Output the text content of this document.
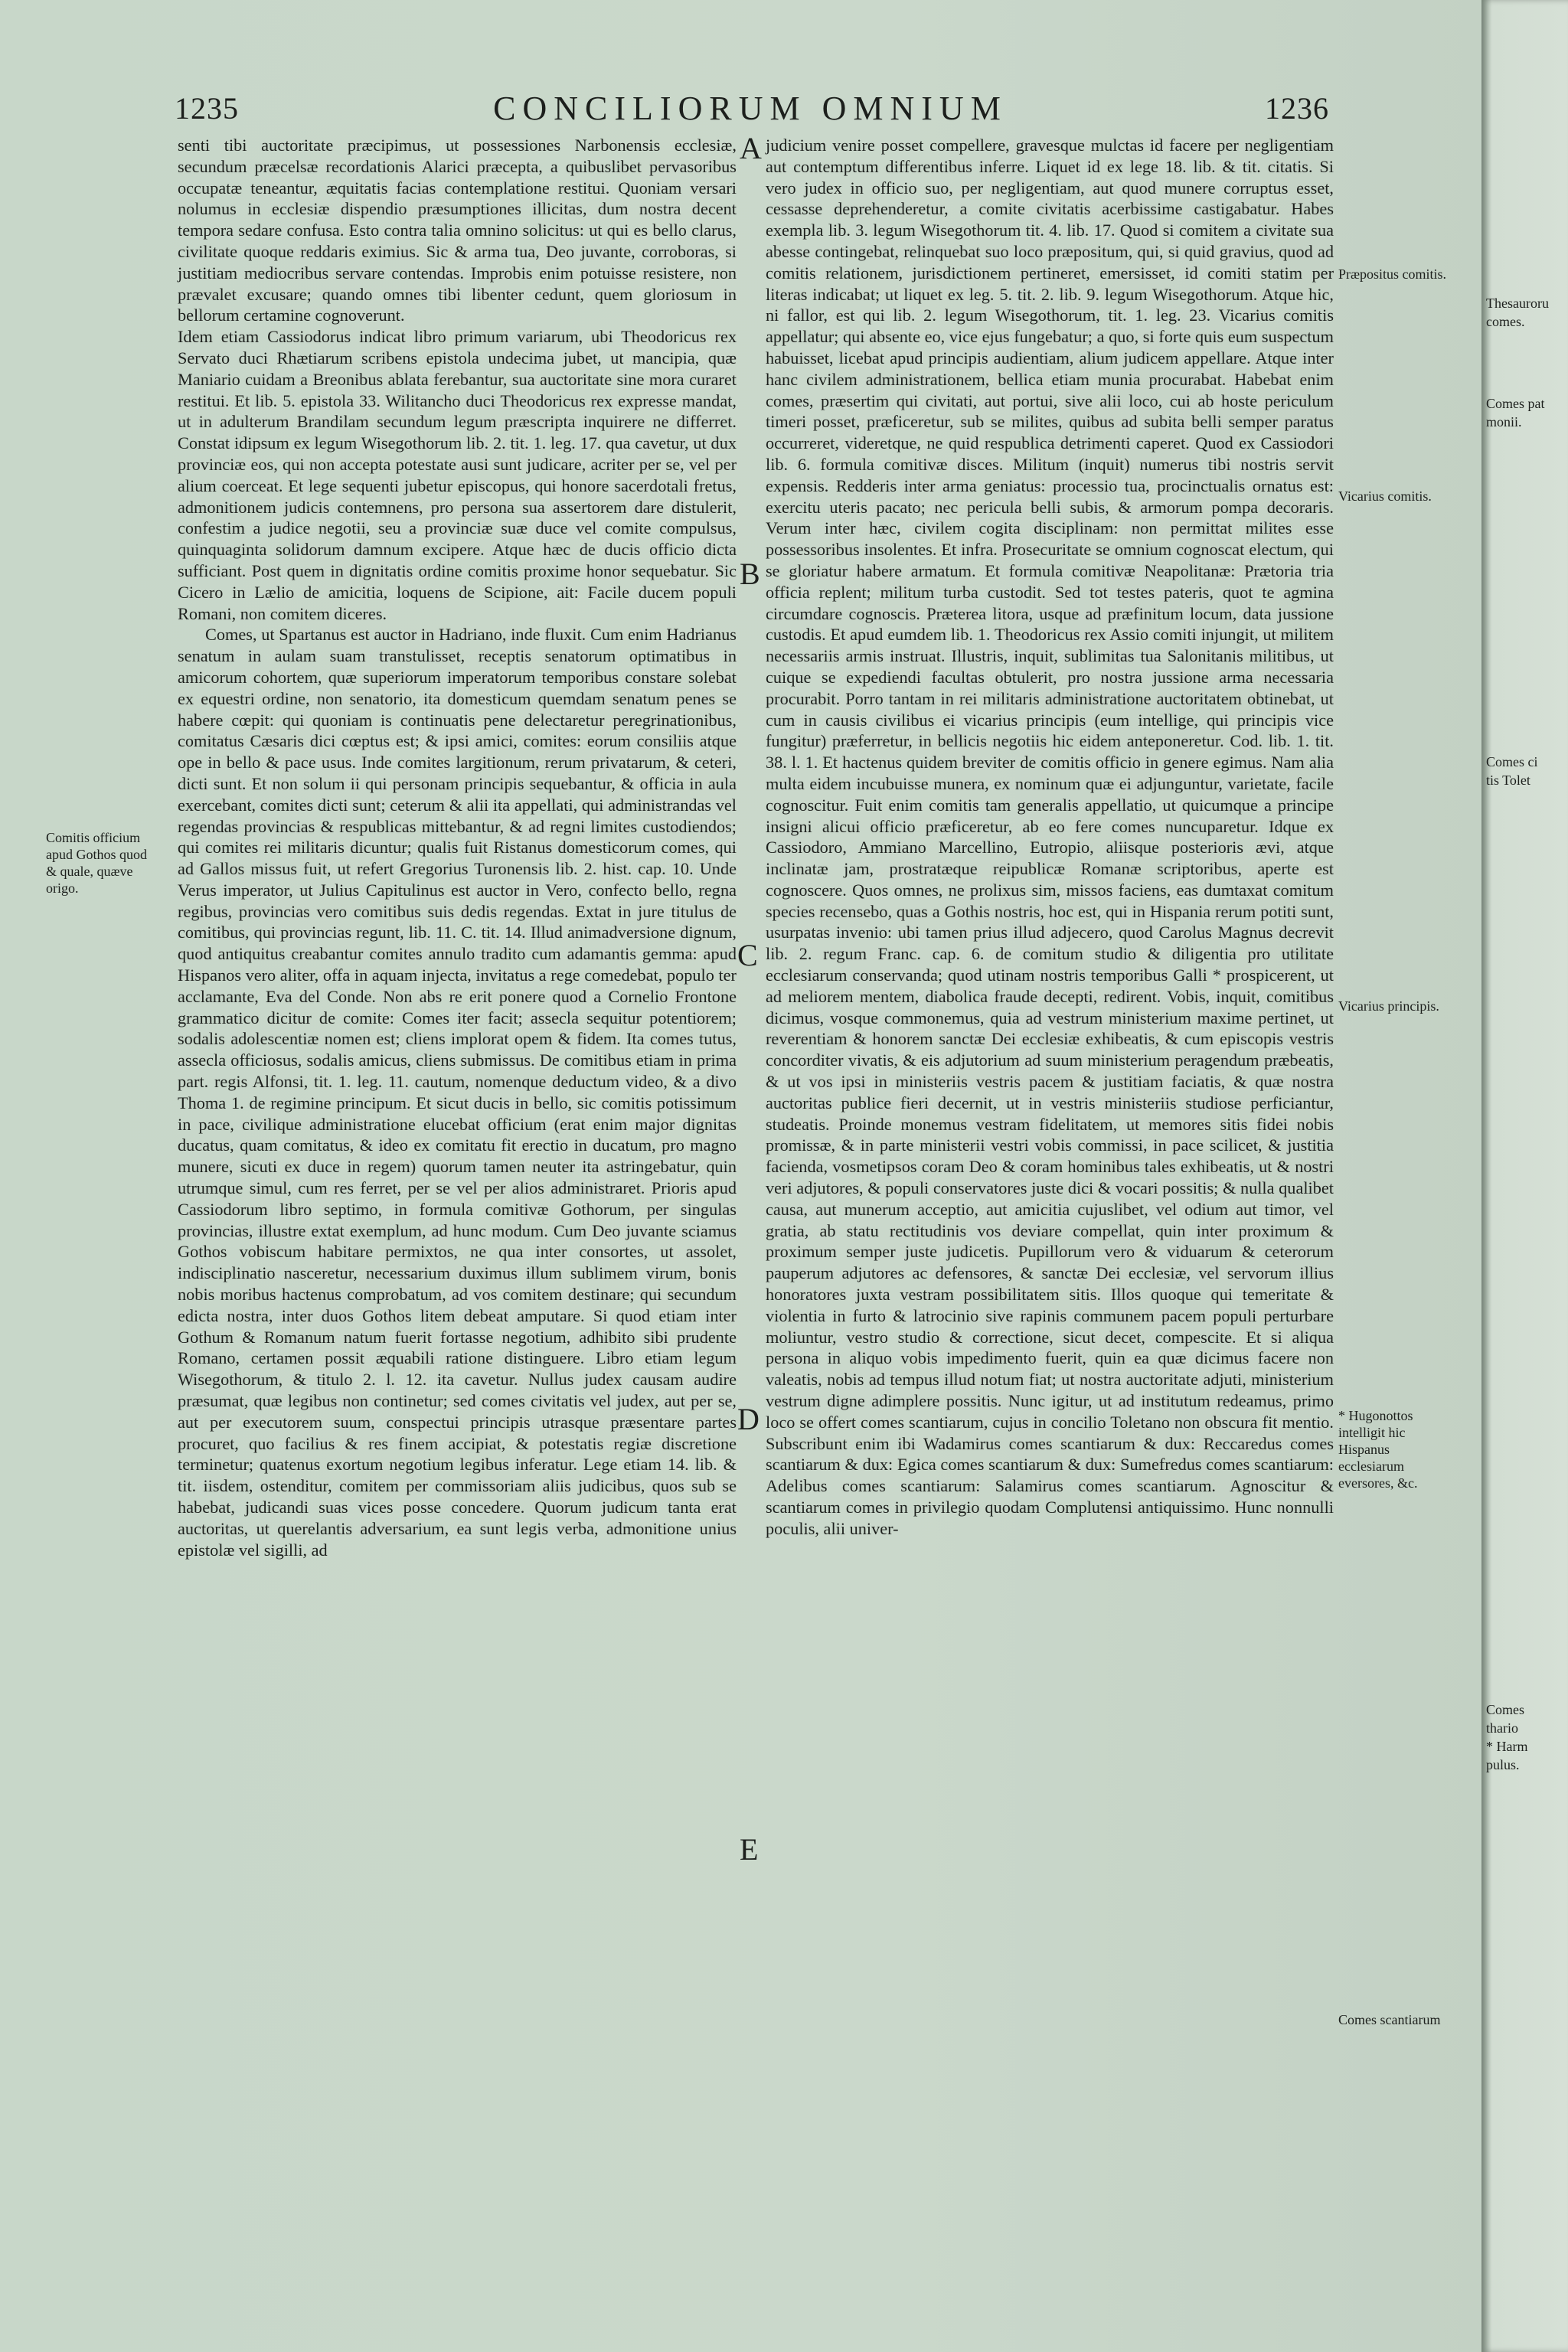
1235	CONCILIORUM OMNIUM	1236
Comitis officium apud Gothos quod & quale, quæve origo.

senti tibi auctoritate præcipimus, ut possessiones Narbonensis ecclesiæ, secundum præcelsæ recordationis Alarici præcepta, a quibuslibet pervasoribus occupatæ teneantur, æquitatis facias contemplatione restitui. Quoniam versari nolumus in ecclesiæ dispendio præsumptiones illicitas, dum nostra decent tempora sedare confusa. Esto contra talia omnino solicitus: ut qui es bello clarus, civilitate quoque reddaris eximius. Sic & arma tua, Deo juvante, corroboras, si justitiam mediocribus servare contendas. Improbis enim potuisse resistere, non prævalet excusare; quando omnes tibi libenter cedunt, quem gloriosum in bellorum certamine cognoverunt.

Idem etiam Cassiodorus indicat libro primum variarum, ubi Theodoricus rex Servato duci Rhætiarum scribens epistola undecima jubet, ut mancipia, quæ Maniario cuidam a Breonibus ablata ferebantur, sua auctoritate sine mora curaret restitui. Et lib. 5. epistola 33. Wilitancho duci Theodoricus rex expresse mandat, ut in adulterum Brandilam secundum legum præscripta inquirere ne differret. Constat idipsum ex legum Wisegothorum lib. 2. tit. 1. leg. 17. qua cavetur, ut dux provinciæ eos, qui non accepta potestate ausi sunt judicare, acriter per se, vel per alium coerceat. Et lege sequenti jubetur episcopus, qui honore sacerdotali fretus, admonitionem judicis contemnens, pro persona sua assertorem dare distulerit, confestim a judice negotii, seu a provinciæ suæ duce vel comite compulsus, quinquaginta solidorum damnum excipere. Atque hæc de ducis officio dicta sufficiant. Post quem in dignitatis ordine comitis proxime honor sequebatur. Sic Cicero in Lælio de amicitia, loquens de Scipione, ait: Facile ducem populi Romani, non comitem diceres.

Comes, ut Spartanus est auctor in Hadriano, inde fluxit. Cum enim Hadrianus senatum in aulam suam transtulisset, receptis senatorum optimatibus in amicorum cohortem, quæ superiorum imperatorum temporibus constare solebat ex equestri ordine, non senatorio, ita domesticum quemdam senatum penes se habere cœpit: qui quoniam is continuatis pene delectaretur peregrinationibus, comitatus Cæsaris dici cœptus est; & ipsi amici, comites: eorum consiliis atque ope in bello & pace usus. Inde comites largitionum, rerum privatarum, & ceteri, dicti sunt. Et non solum ii qui personam principis sequebantur, & officia in aula exercebant, comites dicti sunt; ceterum & alii ita appellati, qui administrandas vel regendas provincias & respublicas mittebantur, & ad regni limites custodiendos; qui comites rei militaris dicuntur; qualis fuit Ristanus domesticorum comes, qui ad Gallos missus fuit, ut refert Gregorius Turonensis lib. 2. hist. cap. 10. Unde Verus imperator, ut Julius Capitulinus est auctor in Vero, confecto bello, regna regibus, provincias vero comitibus suis dedis regendas. Extat in jure titulus de comitibus, qui provincias regunt, lib. 11. C. tit. 14. Illud animadversione dignum, quod antiquitus creabantur comites annulo tradito cum adamantis gemma: apud Hispanos vero aliter, offa in aquam injecta, invitatus a rege comedebat, populo ter acclamante, Eva del Conde. Non abs re erit ponere quod a Cornelio Frontone grammatico dicitur de comite: Comes iter facit; assecla sequitur potentiorem; sodalis adolescentiæ nomen est; cliens implorat opem & fidem. Ita comes tutus, assecla officiosus, sodalis amicus, cliens submissus. De comitibus etiam in prima part. regis Alfonsi, tit. 1. leg. 11. cautum, nomenque deductum video, & a divo Thoma 1. de regimine principum. Et sicut ducis in bello, sic comitis potissimum in pace, civilique administratione elucebat officium (erat enim major dignitas ducatus, quam comitatus, & ideo ex comitatu fit erectio in ducatum, pro magno munere, sicuti ex duce in regem) quorum tamen neuter ita astringebatur, quin utrumque simul, cum res ferret, per se vel per alios administraret. Prioris apud Cassiodorum libro septimo, in formula comitivæ Gothorum, per singulas provincias, illustre extat exemplum, ad hunc modum. Cum Deo juvante sciamus Gothos vobiscum habitare permixtos, ne qua inter consortes, ut assolet, indisciplinatio nasceretur, necessarium duximus illum sublimem virum, bonis nobis moribus hactenus comprobatum, ad vos comitem destinare; qui secundum edicta nostra, inter duos Gothos litem debeat amputare. Si quod etiam inter Gothum & Romanum natum fuerit fortasse negotium, adhibito sibi prudente Romano, certamen possit æquabili ratione distinguere. Libro etiam legum Wisegothorum, & titulo 2. l. 12. ita cavetur. Nullus judex causam audire præsumat, quæ legibus non continetur; sed comes civitatis vel judex, aut per se, aut per executorem suum, conspectui principis utrasque præsentare partes procuret, quo facilius & res finem accipiat, & potestatis regiæ discretione terminetur; quatenus exortum negotium legibus inferatur. Lege etiam 14. lib. & tit. iisdem, ostenditur, comitem per commissoriam aliis judicibus, quos sub se habebat, judicandi suas vices posse concedere. Quorum judicum tanta erat auctoritas, ut querelantis adversarium, ea sunt legis verba, admonitione unius epistolæ vel sigilli, ad

A
B
C
D
E

judicium venire posset compellere, gravesque mulctas id facere per negligentiam aut contemptum differentibus inferre. Liquet id ex lege 18. lib. & tit. citatis. Si vero judex in officio suo, per negligentiam, aut quod munere corruptus esset, cessasse deprehenderetur, a comite civitatis acerbissime castigabatur. Habes exempla lib. 3. legum Wisegothorum tit. 4. lib. 17. Quod si comitem a civitate sua abesse contingebat, relinquebat suo loco præpositum, qui, si quid gravius, quod ad comitis relationem, jurisdictionem pertineret, emersisset, id comiti statim per literas indicabat; ut liquet ex leg. 5. tit. 2. lib. 9. legum Wisegothorum. Atque hic, ni fallor, est qui lib. 2. legum Wisegothorum, tit. 1. leg. 23. Vicarius comitis appellatur; qui absente eo, vice ejus fungebatur; a quo, si forte quis eum suspectum habuisset, licebat apud principis audientiam, alium judicem appellare. Atque inter hanc civilem administrationem, bellica etiam munia procurabat. Habebat enim comes, præsertim qui civitati, aut portui, sive alii loco, cui ab hoste periculum timeri posset, præficeretur, sub se milites, quibus ad subita belli semper paratus occurreret, videretque, ne quid respublica detrimenti caperet. Quod ex Cassiodori lib. 6. formula comitivæ disces. Militum (inquit) numerus tibi nostris servit expensis. Redderis inter arma geniatus: processio tua, procinctualis ornatus est: exercitu uteris pacato; nec pericula belli subis, & armorum pompa decoraris. Verum inter hæc, civilem cogita disciplinam: non permittat milites esse possessoribus insolentes. Et infra. Prosecuritate se omnium cognoscat electum, qui se gloriatur habere armatum. Et formula comitivæ Neapolitanæ: Prætoria tria officia replent; militum turba custodit. Sed tot testes pateris, quot te agmina circumdare cognoscis. Præterea litora, usque ad præfinitum locum, data jussione custodis. Et apud eumdem lib. 1. Theodoricus rex Assio comiti injungit, ut militem necessariis armis instruat. Illustris, inquit, sublimitas tua Salonitanis militibus, ut cuique se expediendi facultas obtulerit, pro nostra jussione arma necessaria procurabit. Porro tantam in rei militaris administratione auctoritatem obtinebat, ut cum in causis civilibus ei vicarius principis (eum intellige, qui principis vice fungitur) præferretur, in bellicis negotiis hic eidem anteponeretur. Cod. lib. 1. tit. 38. l. 1. Et hactenus quidem breviter de comitis officio in genere egimus. Nam alia multa eidem incubuisse munera, ex nominum quæ ei adjunguntur, varietate, facile cognoscitur. Fuit enim comitis tam generalis appellatio, ut quicumque a principe insigni alicui officio præficeretur, ab eo fere comes nuncuparetur. Idque ex Cassiodoro, Ammiano Marcellino, Eutropio, aliisque posterioris ævi, atque inclinatæ jam, prostratæque reipublicæ Romanæ scriptoribus, aperte est cognoscere. Quos omnes, ne prolixus sim, missos faciens, eas dumtaxat comitum species recensebo, quas a Gothis nostris, hoc est, qui in Hispania rerum potiti sunt, usurpatas invenio: ubi tamen prius illud adjecero, quod Carolus Magnus decrevit lib. 2. regum Franc. cap. 6. de comitum studio & diligentia pro utilitate ecclesiarum conservanda; quod utinam nostris temporibus Galli * prospicerent, ut ad meliorem mentem, diabolica fraude decepti, redirent. Vobis, inquit, comitibus dicimus, vosque commonemus, quia ad vestrum ministerium maxime pertinet, ut reverentiam & honorem sanctæ Dei ecclesiæ exhibeatis, & cum episcopis vestris concorditer vivatis, & eis adjutorium ad suum ministerium peragendum præbeatis, & ut vos ipsi in ministeriis vestris pacem & justitiam faciatis, & quæ nostra auctoritas publice fieri decernit, ut in vestris ministeriis studiose perficiantur, studeatis. Proinde monemus vestram fidelitatem, ut memores sitis fidei nobis promissæ, & in parte ministerii vestri vobis commissi, in pace scilicet, & justitia facienda, vosmetipsos coram Deo & coram hominibus tales exhibeatis, ut & nostri veri adjutores, & populi conservatores juste dici & vocari possitis; & nulla qualibet causa, aut munerum acceptio, aut amicitia cujuslibet, vel odium aut timor, vel gratia, ab statu rectitudinis vos deviare compellat, quin inter proximum & proximum semper juste judicetis. Pupillorum vero & viduarum & ceterorum pauperum adjutores ac defensores, & sanctæ Dei ecclesiæ, vel servorum illius honoratores juxta vestram possibilitatem sitis. Illos quoque qui temeritate & violentia in furto & latrocinio sive rapinis communem pacem populi perturbare moliuntur, vestro studio & correctione, sicut decet, compescite. Et si aliqua persona in aliquo vobis impedimento fuerit, quin ea quæ dicimus facere non valeatis, nobis ad tempus illud notum fiat; ut nostra auctoritate adjuti, ministerium vestrum digne adimplere possitis. Nunc igitur, ut ad institutum redeamus, primo loco se offert comes scantiarum, cujus in concilio Toletano non obscura fit mentio. Subscribunt enim ibi Wadamirus comes scantiarum & dux: Reccaredus comes scantiarum & dux: Egica comes scantiarum & dux: Sumefredus comes scantiarum: Adelibus comes scantiarum: Salamirus comes scantiarum. Agnoscitur & scantiarum comes in privilegio quodam Complutensi antiquissimo. Hunc nonnulli poculis, alii univer-

Præpositus comitis.
Vicarius comitis.
Vicarius principis.
* Hugonottos intelligit hic Hispanus ecclesiarum eversores, &c.
Comes scantiarum
Thesauroru
comes.
Comes pat
monii.
Comes ci
tis Tolet
Comes
thario
* Harm
pulus.
